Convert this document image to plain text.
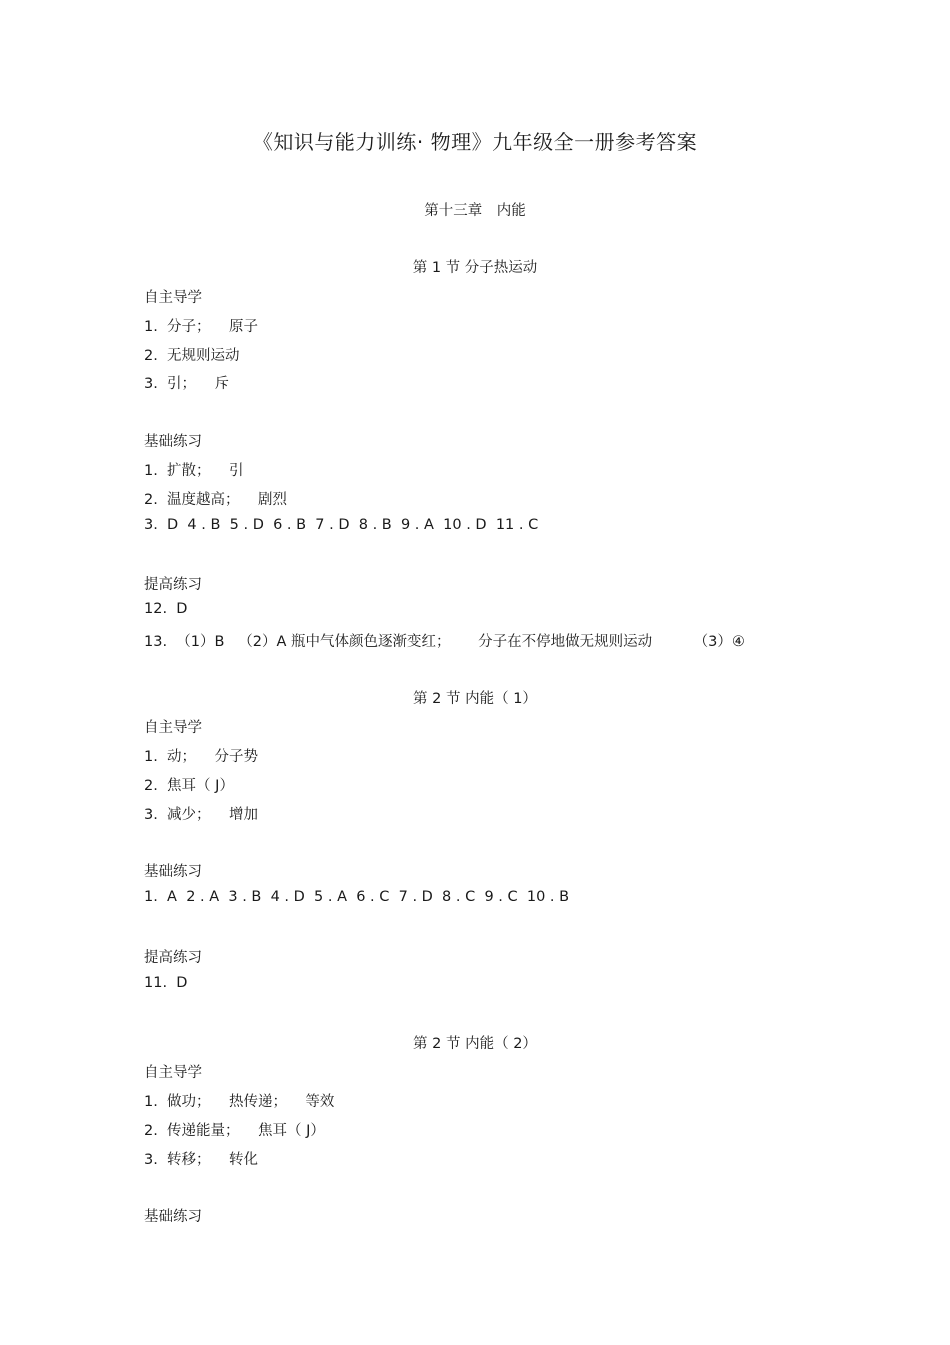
《知识与能力训练· 物理》九年级全一册参考答案
第十三章　内能
第 1 节 分子热运动
自主导学
1.  分子；    原子
2.  无规则运动
3.  引；    斥
基础练习
1.  扩散；    引
2.  温度越高；    剧烈
3.  D  4 . B  5 . D  6 . B  7 . D  8 . B  9 . A  10 . D  11 . C
提高练习
12.  D
13.  （1）B   （2）A 瓶中气体颜色逐渐变红；      分子在不停地做无规则运动         （3）④
第 2 节 内能（ 1）
自主导学
1.  动；    分子势
2.  焦耳（ J）
3.  减少；    增加
基础练习
1.  A  2 . A  3 . B  4 . D  5 . A  6 . C  7 . D  8 . C  9 . C  10 . B
提高练习
11.  D
第 2 节 内能（ 2）
自主导学
1.  做功；    热传递；    等效
2.  传递能量；    焦耳（ J）
3.  转移；    转化
基础练习
